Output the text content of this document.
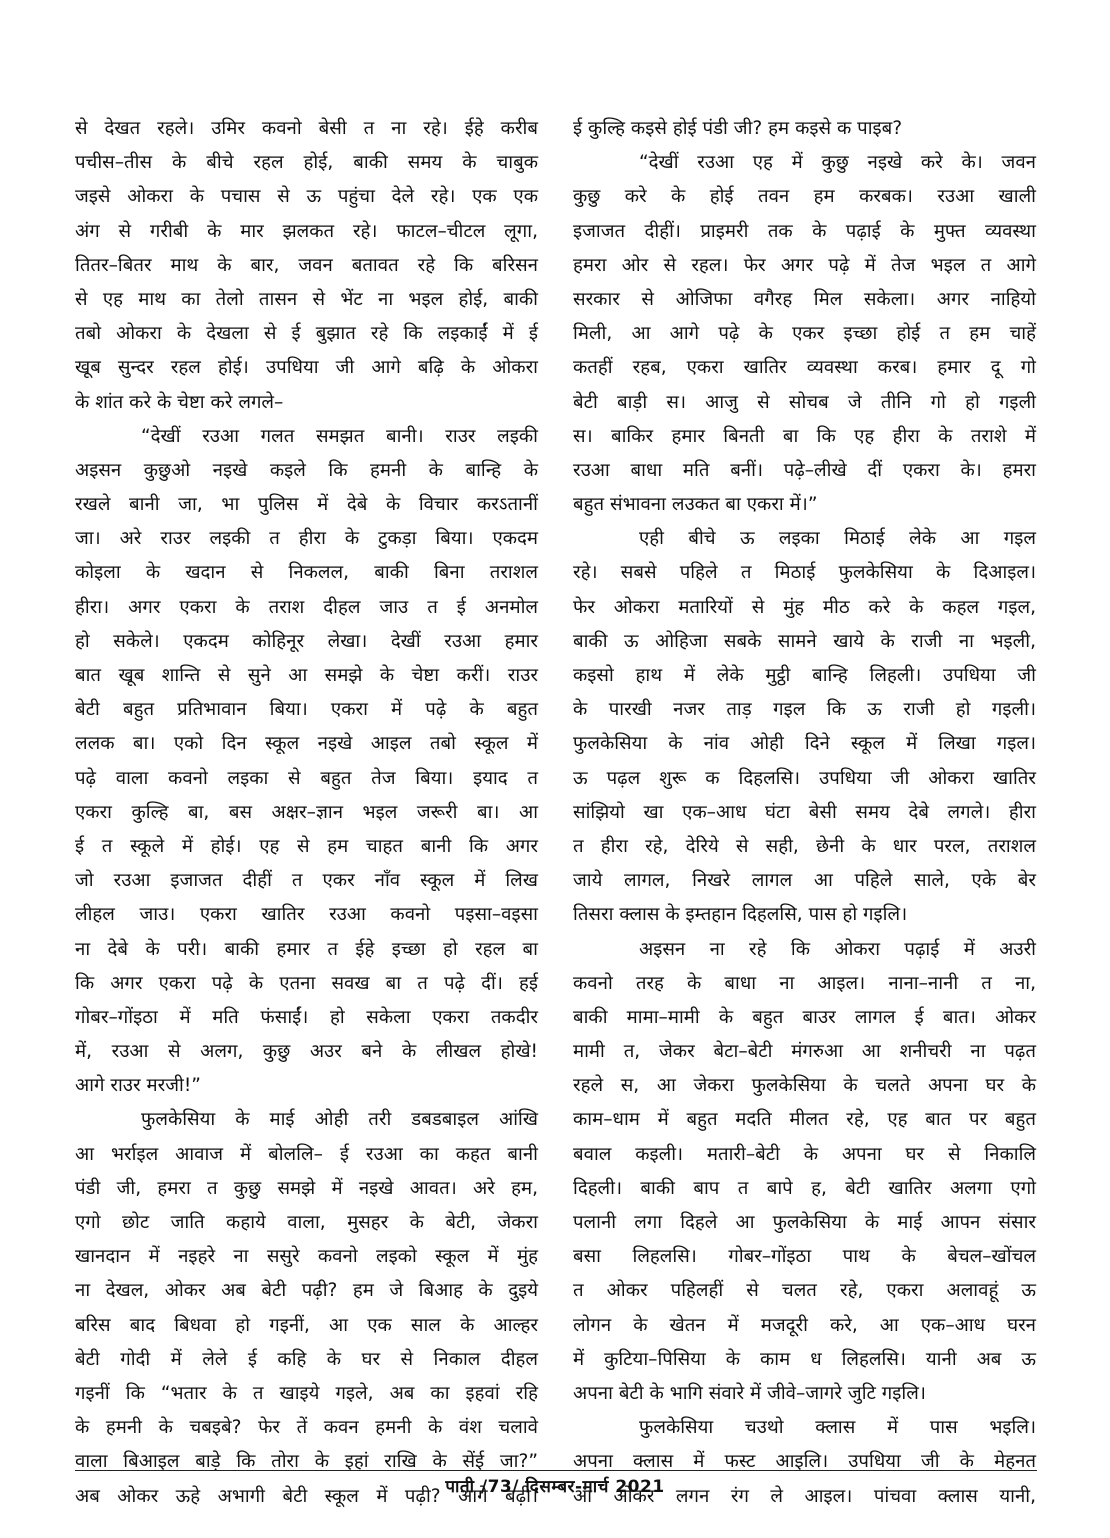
से देखत रहले। उमिर कवनो बेसी त ना रहे। ईहे करीब
पचीस–तीस के बीचे रहल होई, बाकी समय के चाबुक
जइसे ओकरा के पचास से ऊ पहुंचा देले रहे। एक एक
अंग से गरीबी के मार झलकत रहे। फाटल–चीटल लूगा,
तितर–बितर माथ के बार, जवन बतावत रहे कि बरिसन
से एह माथ का तेलो तासन से भेंट ना भइल होई, बाकी
तबो ओकरा के देखला से ई बुझात रहे कि लइकाईं में ई
खूब सुन्दर रहल होई। उपधिया जी आगे बढ़ि के ओकरा
के शांत करे के चेष्टा करे लगले–
“देखीं रउआ गलत समझत बानी। राउर लइकी
अइसन कुछुओ नइखे कइले कि हमनी के बान्हि के
रखले बानी जा, भा पुलिस में देबे के विचार करऽतानीं
जा। अरे राउर लइकी त हीरा के टुकड़ा बिया। एकदम
कोइला के खदान से निकलल, बाकी बिना तराशल
हीरा। अगर एकरा के तराश दीहल जाउ त ई अनमोल
हो सकेले। एकदम कोहिनूर लेखा। देखीं रउआ हमार
बात खूब शान्ति से सुने आ समझे के चेष्टा करीं। राउर
बेटी बहुत प्रतिभावान बिया। एकरा में पढ़े के बहुत
ललक बा। एको दिन स्कूल नइखे आइल तबो स्कूल में
पढ़े वाला कवनो लइका से बहुत तेज बिया। इयाद त
एकरा कुल्हि बा, बस अक्षर–ज्ञान भइल जरूरी बा। आ
ई त स्कूले में होई। एह से हम चाहत बानी कि अगर
जो रउआ इजाजत दीहीं त एकर नाँव स्कूल में लिख
लीहल जाउ। एकरा खातिर रउआ कवनो पइसा–वइसा
ना देबे के परी। बाकी हमार त ईहे इच्छा हो रहल बा
कि अगर एकरा पढ़े के एतना सवख बा त पढ़े दीं। हई
गोबर–गोंइठा में मति फंसाईं। हो सकेला एकरा तकदीर
में, रउआ से अलग, कुछु अउर बने के लीखल होखे!
आगे राउर मरजी!”
फुलकेसिया के माई ओही तरी डबडबाइल आंखि
आ भर्राइल आवाज में बोललि– ई रउआ का कहत बानी
पंडी जी, हमरा त कुछु समझे में नइखे आवत। अरे हम,
एगो छोट जाति कहाये वाला, मुसहर के बेटी, जेकरा
खानदान में नइहरे ना ससुरे कवनो लइको स्कूल में मुंह
ना देखल, ओकर अब बेटी पढ़ी? हम जे बिआह के दुइये
बरिस बाद बिधवा हो गइनीं, आ एक साल के आल्हर
बेटी गोदी में लेले ई कहि के घर से निकाल दीहल
गइनीं कि “भतार के त खाइये गइले, अब का इहवां रहि
के हमनी के चबइबे? फेर तें कवन हमनी के वंश चलावे
वाला बिआइल बाड़े कि तोरा के इहां राखि के सेंई जा?”
अब ओकर ऊहे अभागी बेटी स्कूल में पढ़ी? आगे बढ़ी।
ई कुल्हि कइसे होई पंडी जी? हम कइसे क पाइब?
“देखीं रउआ एह में कुछु नइखे करे के। जवन
कुछु करे के होई तवन हम करबक। रउआ खाली
इजाजत दीहीं। प्राइमरी तक के पढ़ाई के मुफ्त व्यवस्था
हमरा ओर से रहल। फेर अगर पढ़े में तेज भइल त आगे
सरकार से ओजिफा वगैरह मिल सकेला। अगर नाहियो
मिली, आ आगे पढ़े के एकर इच्छा होई त हम चाहें
कतहीं रहब, एकरा खातिर व्यवस्था करब। हमार दू गो
बेटी बाड़ी स। आजु से सोचब जे तीनि गो हो गइली
स। बाकिर हमार बिनती बा कि एह हीरा के तराशे में
रउआ बाधा मति बनीं। पढ़े–लीखे दीं एकरा के। हमरा
बहुत संभावना लउकत बा एकरा में।”
एही बीचे ऊ लइका मिठाई लेके आ गइल
रहे। सबसे पहिले त मिठाई फुलकेसिया के दिआइल।
फेर ओकरा मतारियों से मुंह मीठ करे के कहल गइल,
बाकी ऊ ओहिजा सबके सामने खाये के राजी ना भइली,
कइसो हाथ में लेके मुट्ठी बान्हि लिहली। उपधिया जी
के पारखी नजर ताड़ गइल कि ऊ राजी हो गइली।
फुलकेसिया के नांव ओही दिने स्कूल में लिखा गइल।
ऊ पढ़ल शुरू क दिहलसि। उपधिया जी ओकरा खातिर
सांझियो खा एक–आध घंटा बेसी समय देबे लगले। हीरा
त हीरा रहे, देरिये से सही, छेनी के धार परल, तराशल
जाये लागल, निखरे लागल आ पहिले साले, एके बेर
तिसरा क्लास के इम्तहान दिहलसि, पास हो गइलि।
अइसन ना रहे कि ओकरा पढ़ाई में अउरी
कवनो तरह के बाधा ना आइल। नाना–नानी त ना,
बाकी मामा–मामी के बहुत बाउर लागल ई बात। ओकर
मामी त, जेकर बेटा–बेटी मंगरुआ आ शनीचरी ना पढ़त
रहले स, आ जेकरा फुलकेसिया के चलते अपना घर के
काम–धाम में बहुत मदति मीलत रहे, एह बात पर बहुत
बवाल कइली। मतारी–बेटी के अपना घर से निकालि
दिहली। बाकी बाप त बापे ह, बेटी खातिर अलगा एगो
पलानी लगा दिहले आ फुलकेसिया के माई आपन संसार
बसा लिहलसि। गोबर–गोंइठा पाथ के बेचल–खोंचल
त ओकर पहिलहीं से चलत रहे, एकरा अलावहूं ऊ
लोगन के खेतन में मजदूरी करे, आ एक–आध घरन
में कुटिया–पिसिया के काम ध लिहलसि। यानी अब ऊ
अपना बेटी के भागि संवारे में जीवे–जागरे जुटि गइलि।
फुलकेसिया चउथो क्लास में पास भइलि।
अपना क्लास में फस्ट आइलि। उपधिया जी के मेहनत
आ ओकर लगन रंग ले आइल। पांचवा क्लास यानी,
पाती /73/ दिसम्बर-मार्च 2021
